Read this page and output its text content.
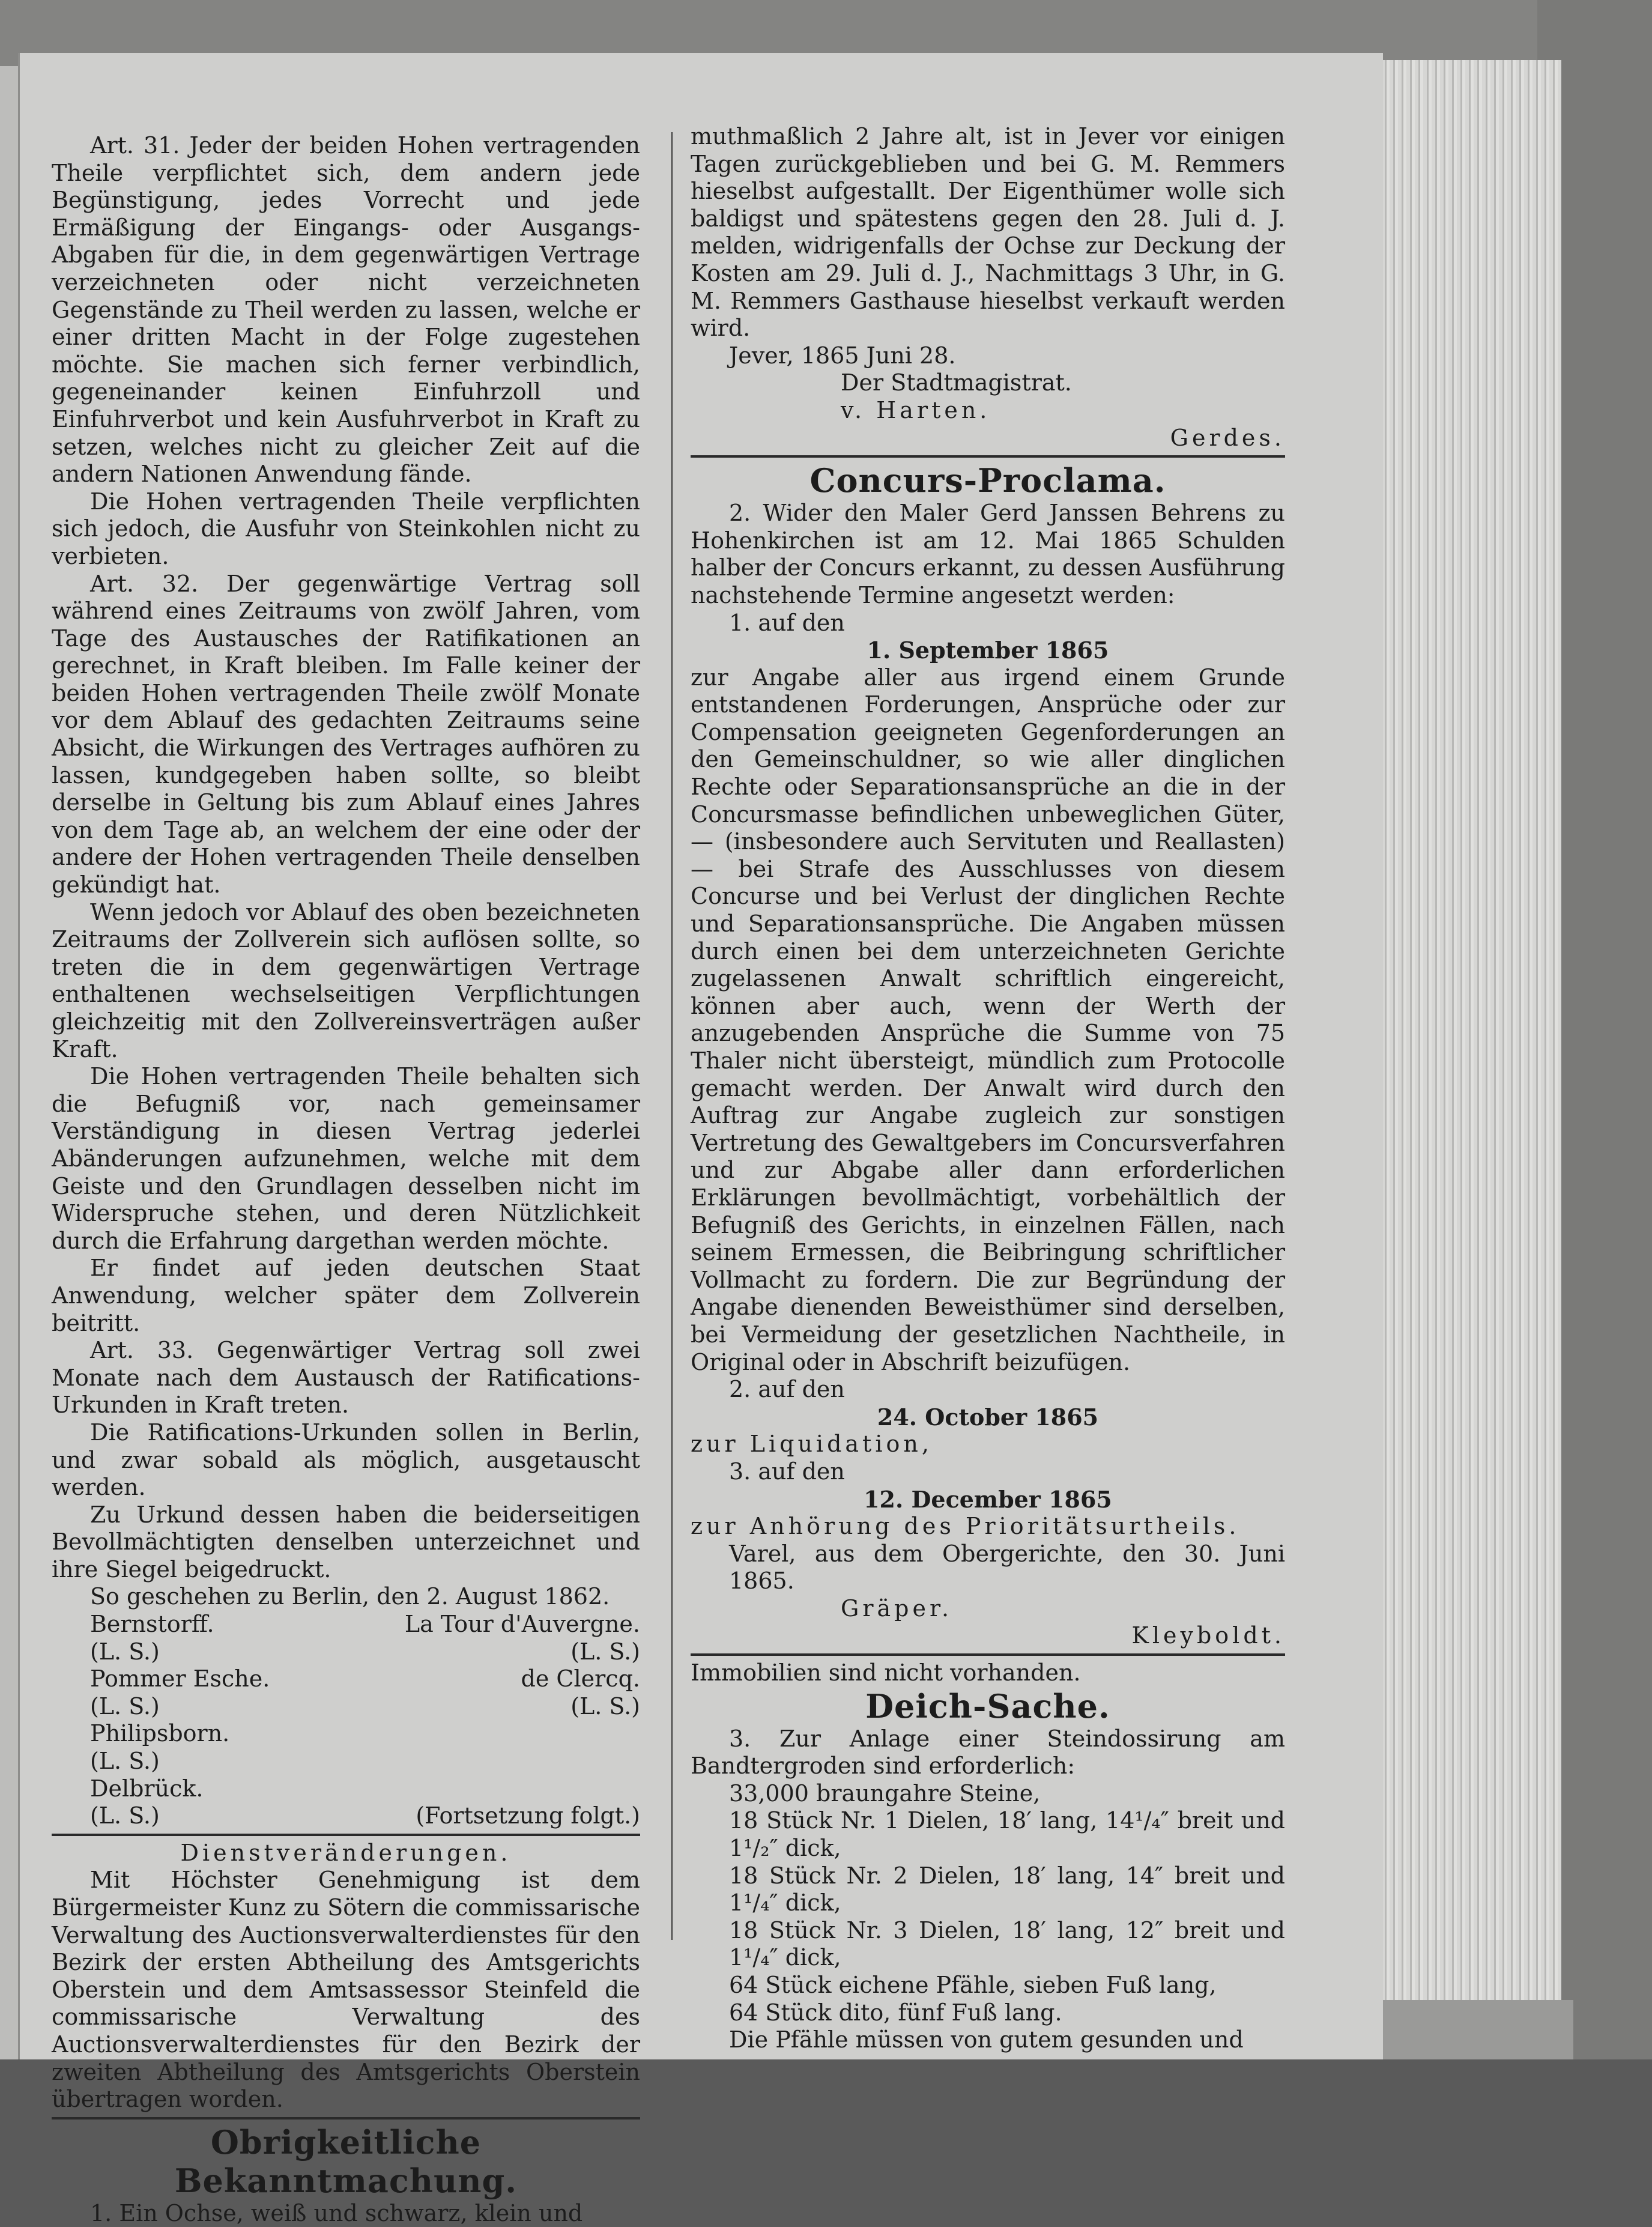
Art. 31. Jeder der beiden Hohen vertragenden Theile verpflichtet sich, dem andern jede Begünstigung, jedes Vorrecht und jede Ermäßigung der Eingangs- oder Ausgangs-Abgaben für die, in dem gegenwärtigen Vertrage verzeichneten oder nicht verzeichneten Gegenstände zu Theil werden zu lassen, welche er einer dritten Macht in der Folge zugestehen möchte. Sie machen sich ferner verbindlich, gegeneinander keinen Einfuhrzoll und Einfuhrverbot und kein Ausfuhrverbot in Kraft zu setzen, welches nicht zu gleicher Zeit auf die andern Nationen Anwendung fände.

Die Hohen vertragenden Theile verpflichten sich jedoch, die Ausfuhr von Steinkohlen nicht zu verbieten.

Art. 32. Der gegenwärtige Vertrag soll während eines Zeitraums von zwölf Jahren, vom Tage des Austausches der Ratifikationen an gerechnet, in Kraft bleiben. Im Falle keiner der beiden Hohen vertragenden Theile zwölf Monate vor dem Ablauf des gedachten Zeitraums seine Absicht, die Wirkungen des Vertrages aufhören zu lassen, kundgegeben haben sollte, so bleibt derselbe in Geltung bis zum Ablauf eines Jahres von dem Tage ab, an welchem der eine oder der andere der Hohen vertragenden Theile denselben gekündigt hat.

Wenn jedoch vor Ablauf des oben bezeichneten Zeitraums der Zollverein sich auflösen sollte, so treten die in dem gegenwärtigen Vertrage enthaltenen wechselseitigen Verpflichtungen gleichzeitig mit den Zollvereinsverträgen außer Kraft.

Die Hohen vertragenden Theile behalten sich die Befugniß vor, nach gemeinsamer Verständigung in diesen Vertrag jederlei Abänderungen aufzunehmen, welche mit dem Geiste und den Grundlagen desselben nicht im Widerspruche stehen, und deren Nützlichkeit durch die Erfahrung dargethan werden möchte.

Er findet auf jeden deutschen Staat Anwendung, welcher später dem Zollverein beitritt.

Art. 33. Gegenwärtiger Vertrag soll zwei Monate nach dem Austausch der Ratifications-Urkunden in Kraft treten.

Die Ratifications-Urkunden sollen in Berlin, und zwar sobald als möglich, ausgetauscht werden.

Zu Urkund dessen haben die beiderseitigen Bevollmächtigten denselben unterzeichnet und ihre Siegel beigedruckt.

So geschehen zu Berlin, den 2. August 1862.

Bernstorff.	La Tour d'Auvergne.
(L. S.)	(L. S.)
Pommer Esche.	de Clercq.
(L. S.)	(L. S.)
Philipsborn.
(L. S.)
Delbrück.
(L. S.)	(Fortsetzung folgt.)

Dienstveränderungen.

Mit Höchster Genehmigung ist dem Bürgermeister Kunz zu Sötern die commissarische Verwaltung des Auctionsverwalterdienstes für den Bezirk der ersten Abtheilung des Amtsgerichts Oberstein und dem Amtsassessor Steinfeld die commissarische Verwaltung des Auctionsverwalterdienstes für den Bezirk der zweiten Abtheilung des Amtsgerichts Oberstein übertragen worden.

Obrigkeitliche Bekanntmachung.

1. Ein Ochse, weiß und schwarz, klein und

muthmaßlich 2 Jahre alt, ist in Jever vor einigen Tagen zurückgeblieben und bei G. M. Remmers hieselbst aufgestallt. Der Eigenthümer wolle sich baldigst und spätestens gegen den 28. Juli d. J. melden, widrigenfalls der Ochse zur Deckung der Kosten am 29. Juli d. J., Nachmittags 3 Uhr, in G. M. Remmers Gasthause hieselbst verkauft werden wird.

Jever, 1865 Juni 28.

Der Stadtmagistrat.

v. Harten.

Gerdes.

Concurs-Proclama.

2. Wider den Maler Gerd Janssen Behrens zu Hohenkirchen ist am 12. Mai 1865 Schulden halber der Concurs erkannt, zu dessen Ausführung nachstehende Termine angesetzt werden:

1. auf den

1. September 1865

zur Angabe aller aus irgend einem Grunde entstandenen Forderungen, Ansprüche oder zur Compensation geeigneten Gegenforderungen an den Gemeinschuldner, so wie aller dinglichen Rechte oder Separationsansprüche an die in der Concursmasse befindlichen unbeweglichen Güter, — (insbesondere auch Servituten und Reallasten) — bei Strafe des Ausschlusses von diesem Concurse und bei Verlust der dinglichen Rechte und Separationsansprüche. Die Angaben müssen durch einen bei dem unterzeichneten Gerichte zugelassenen Anwalt schriftlich eingereicht, können aber auch, wenn der Werth der anzugebenden Ansprüche die Summe von 75 Thaler nicht übersteigt, mündlich zum Protocolle gemacht werden. Der Anwalt wird durch den Auftrag zur Angabe zugleich zur sonstigen Vertretung des Gewaltgebers im Concursverfahren und zur Abgabe aller dann erforderlichen Erklärungen bevollmächtigt, vorbehältlich der Befugniß des Gerichts, in einzelnen Fällen, nach seinem Ermessen, die Beibringung schriftlicher Vollmacht zu fordern. Die zur Begründung der Angabe dienenden Beweisthümer sind derselben, bei Vermeidung der gesetzlichen Nachtheile, in Original oder in Abschrift beizufügen.

2. auf den

24. October 1865

zur Liquidation,

3. auf den

12. December 1865

zur Anhörung des Prioritätsurtheils.

Varel, aus dem Obergerichte, den 30. Juni 1865.

Gräper.

Kleyboldt.

Immobilien sind nicht vorhanden.

Deich-Sache.

3. Zur Anlage einer Steindossirung am Bandtergroden sind erforderlich:

33,000 braungahre Steine,

18 Stück Nr. 1 Dielen, 18′ lang, 14¹/₄″ breit und 1¹/₂″ dick,

18 Stück Nr. 2 Dielen, 18′ lang, 14″ breit und 1¹/₄″ dick,

18 Stück Nr. 3 Dielen, 18′ lang, 12″ breit und 1¹/₄″ dick,

64 Stück eichene Pfähle, sieben Fuß lang,

64 Stück dito, fünf Fuß lang.

Die Pfähle müssen von gutem gesunden und
